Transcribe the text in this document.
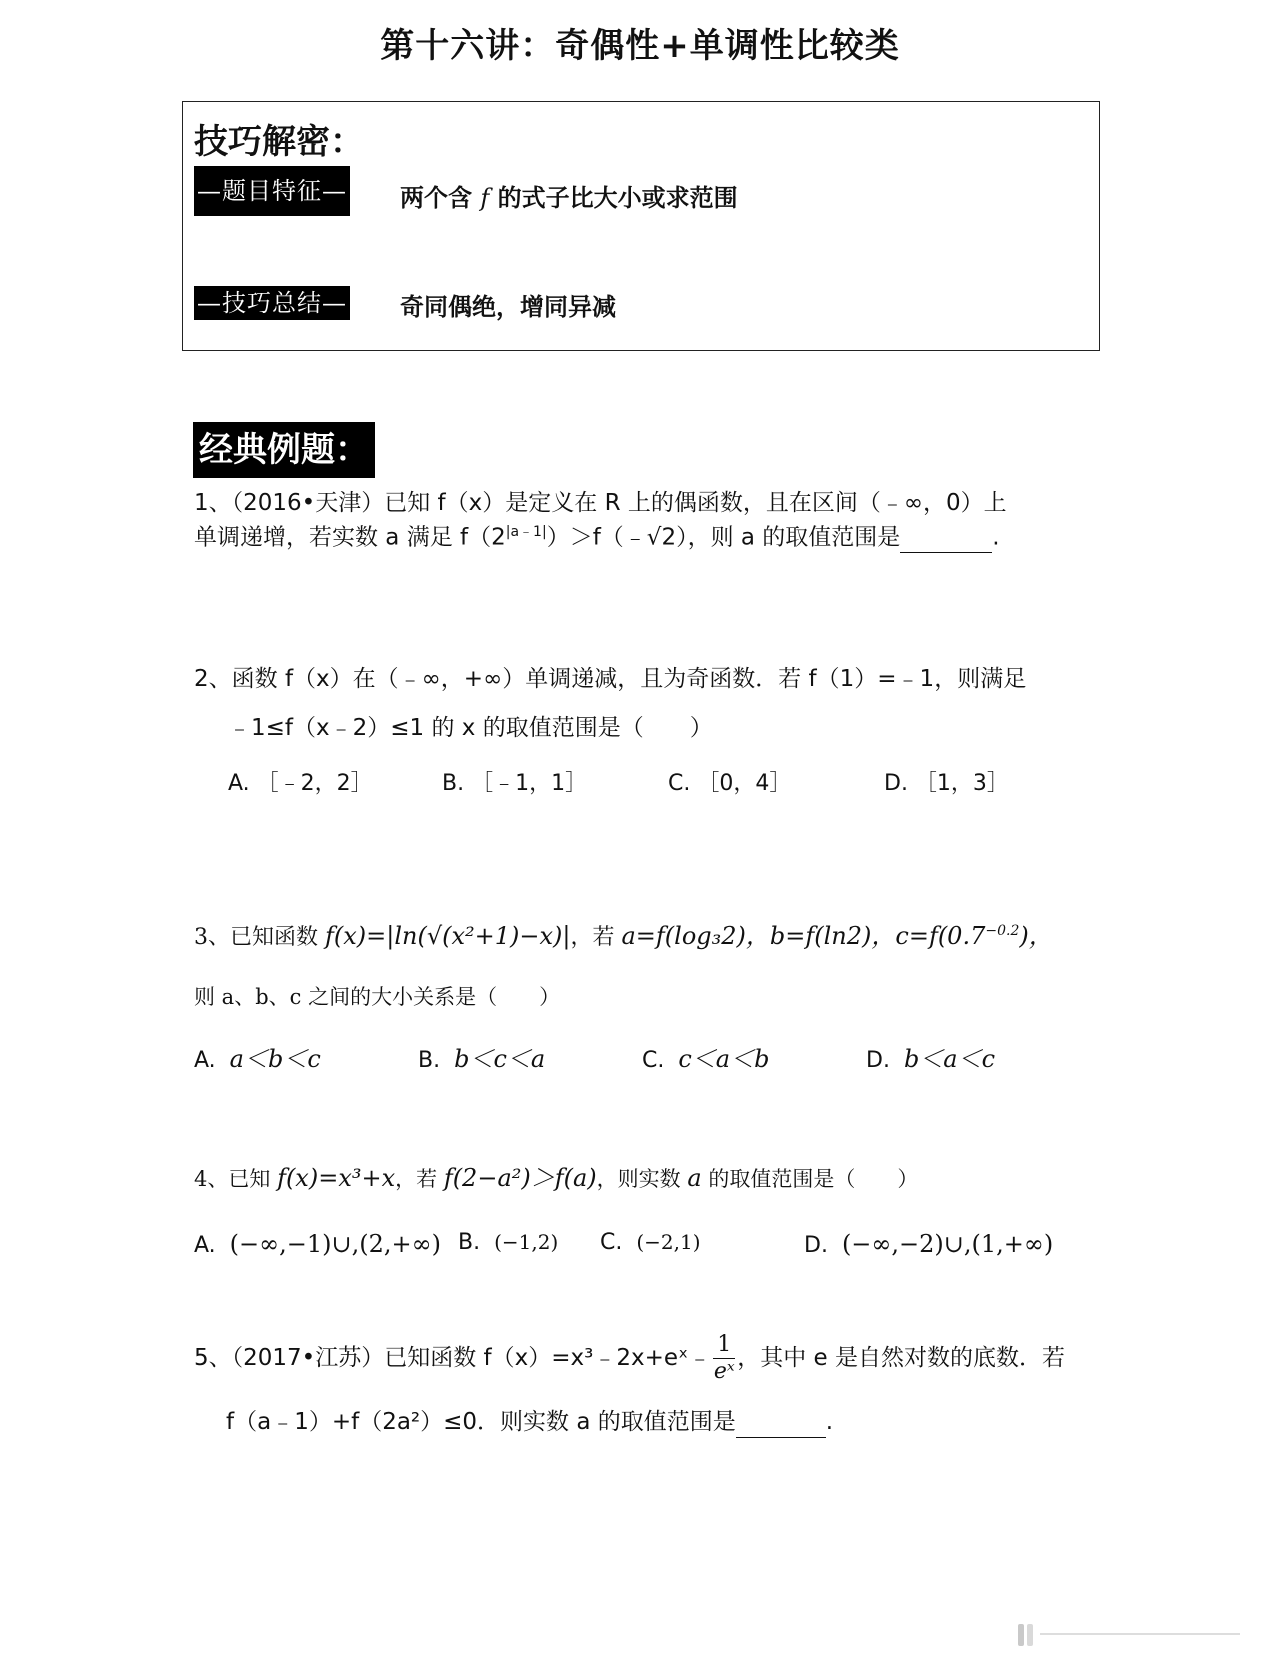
第十六讲：奇偶性+单调性比较类
技巧解密：
—题目特征— 两个含 f 的式子比大小或求范围
—技巧总结— 奇同偶绝，增同异减
经典例题：
1、（2016•天津）已知 f（x）是定义在 R 上的偶函数，且在区间（﹣∞，0）上
单调递增，若实数 a 满足 $f(2^{|a﹣1|})>f(﹣√2)$，则 a 的取值范围是	.
2、函数 f（x）在（﹣∞，+∞）单调递减，且为奇函数．若 f（1）=﹣1，则满足
﹣1≤f（x﹣2）≤1 的 x 的取值范围是（　　）
A. ［﹣2，2］	B. ［﹣1，1］	C. ［0，4］	D. ［1，3］
3、已知函数 f(x)=|ln(√(x²+1)−x)|，若 a=f(log₃2)，b=f(ln2)，$c=f(0.7^{-0.2})$，
则 a、b、c 之间的大小关系是（　　）
A. a＜b＜c	B. b＜c＜a	C. c＜a＜b	D. b＜a＜c
4、已知 f(x)=x³+x，若 f(2−a²)＞f(a)，则实数 a 的取值范围是（　　）
A. (−∞,−1)∪,(2,+∞) B. (−1,2) C. (−2,1)	D. (−∞,−2)∪,(1,+∞)
5、（2017•江苏）已知函数 f（x）=x³﹣2x+eˣ﹣ $\frac{1}{\text{eˣ}}$ ，其中 e 是自然对数的底数．若
f（a﹣1）+f（2a²）≤0．则实数 a 的取值范围是	.
